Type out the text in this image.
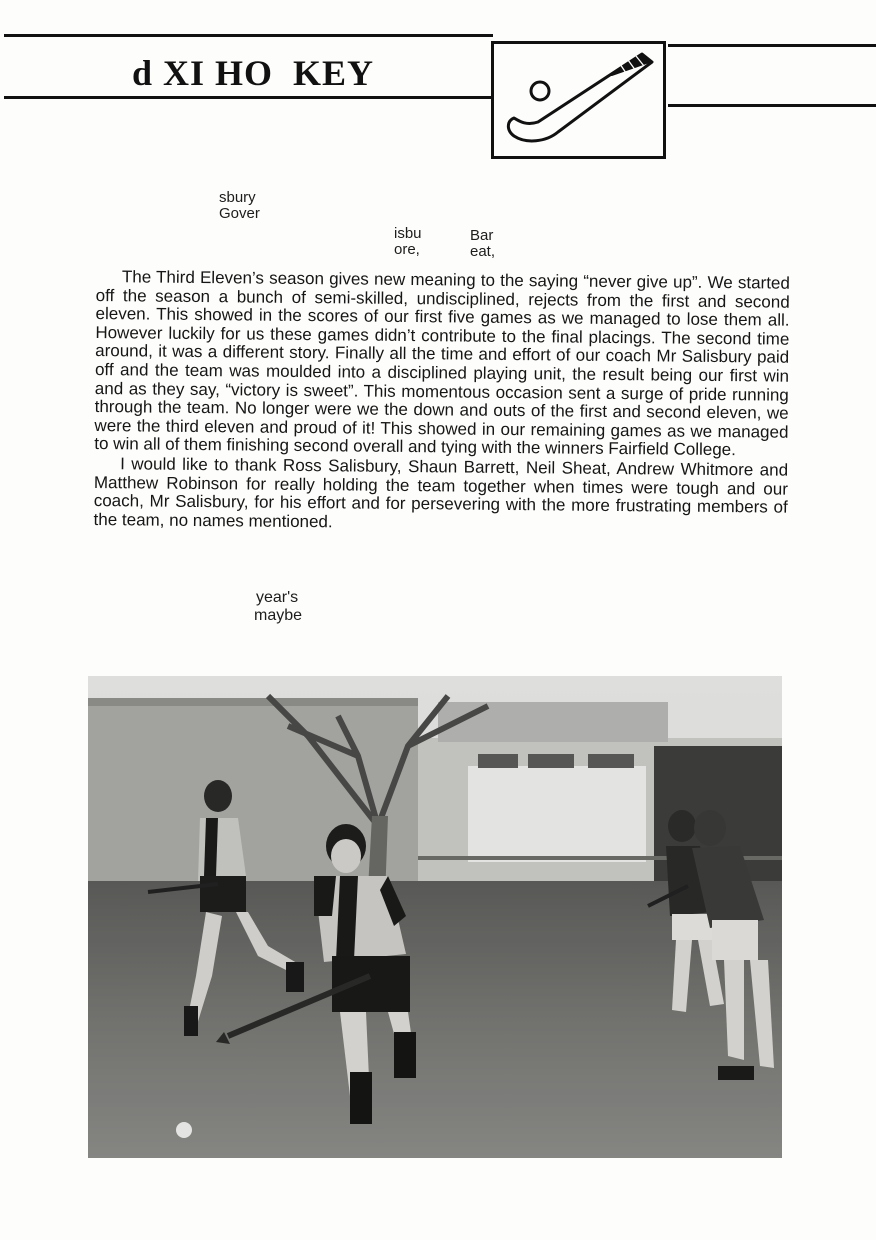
d XI HO  KEY
sbury
Gover
isbu
ore,
Bar
eat,

The Third Eleven’s season gives new meaning to the saying “never give up”. We started off the season a bunch of semi-skilled, undisciplined, rejects from the first and second eleven. This showed in the scores of our first five games as we managed to lose them all. However luckily for us these games didn’t contribute to the final placings. The second time around, it was a different story. Finally all the time and effort of our coach Mr Salisbury paid off and the team was moulded into a disciplined playing unit, the result being our first win and as they say, “victory is sweet”. This momentous occasion sent a surge of pride running through the team. No longer were we the down and outs of the first and second eleven, we were the third eleven and proud of it! This showed in our remaining games as we managed to win all of them finishing second overall and tying with the winners Fairfield College.

I would like to thank Ross Salisbury, Shaun Barrett, Neil Sheat, Andrew Whitmore and Matthew Robinson for really holding the team together when times were tough and our coach, Mr Salisbury, for his effort and for persevering with the more frustrating members of the team, no names mentioned.

year's
maybe
